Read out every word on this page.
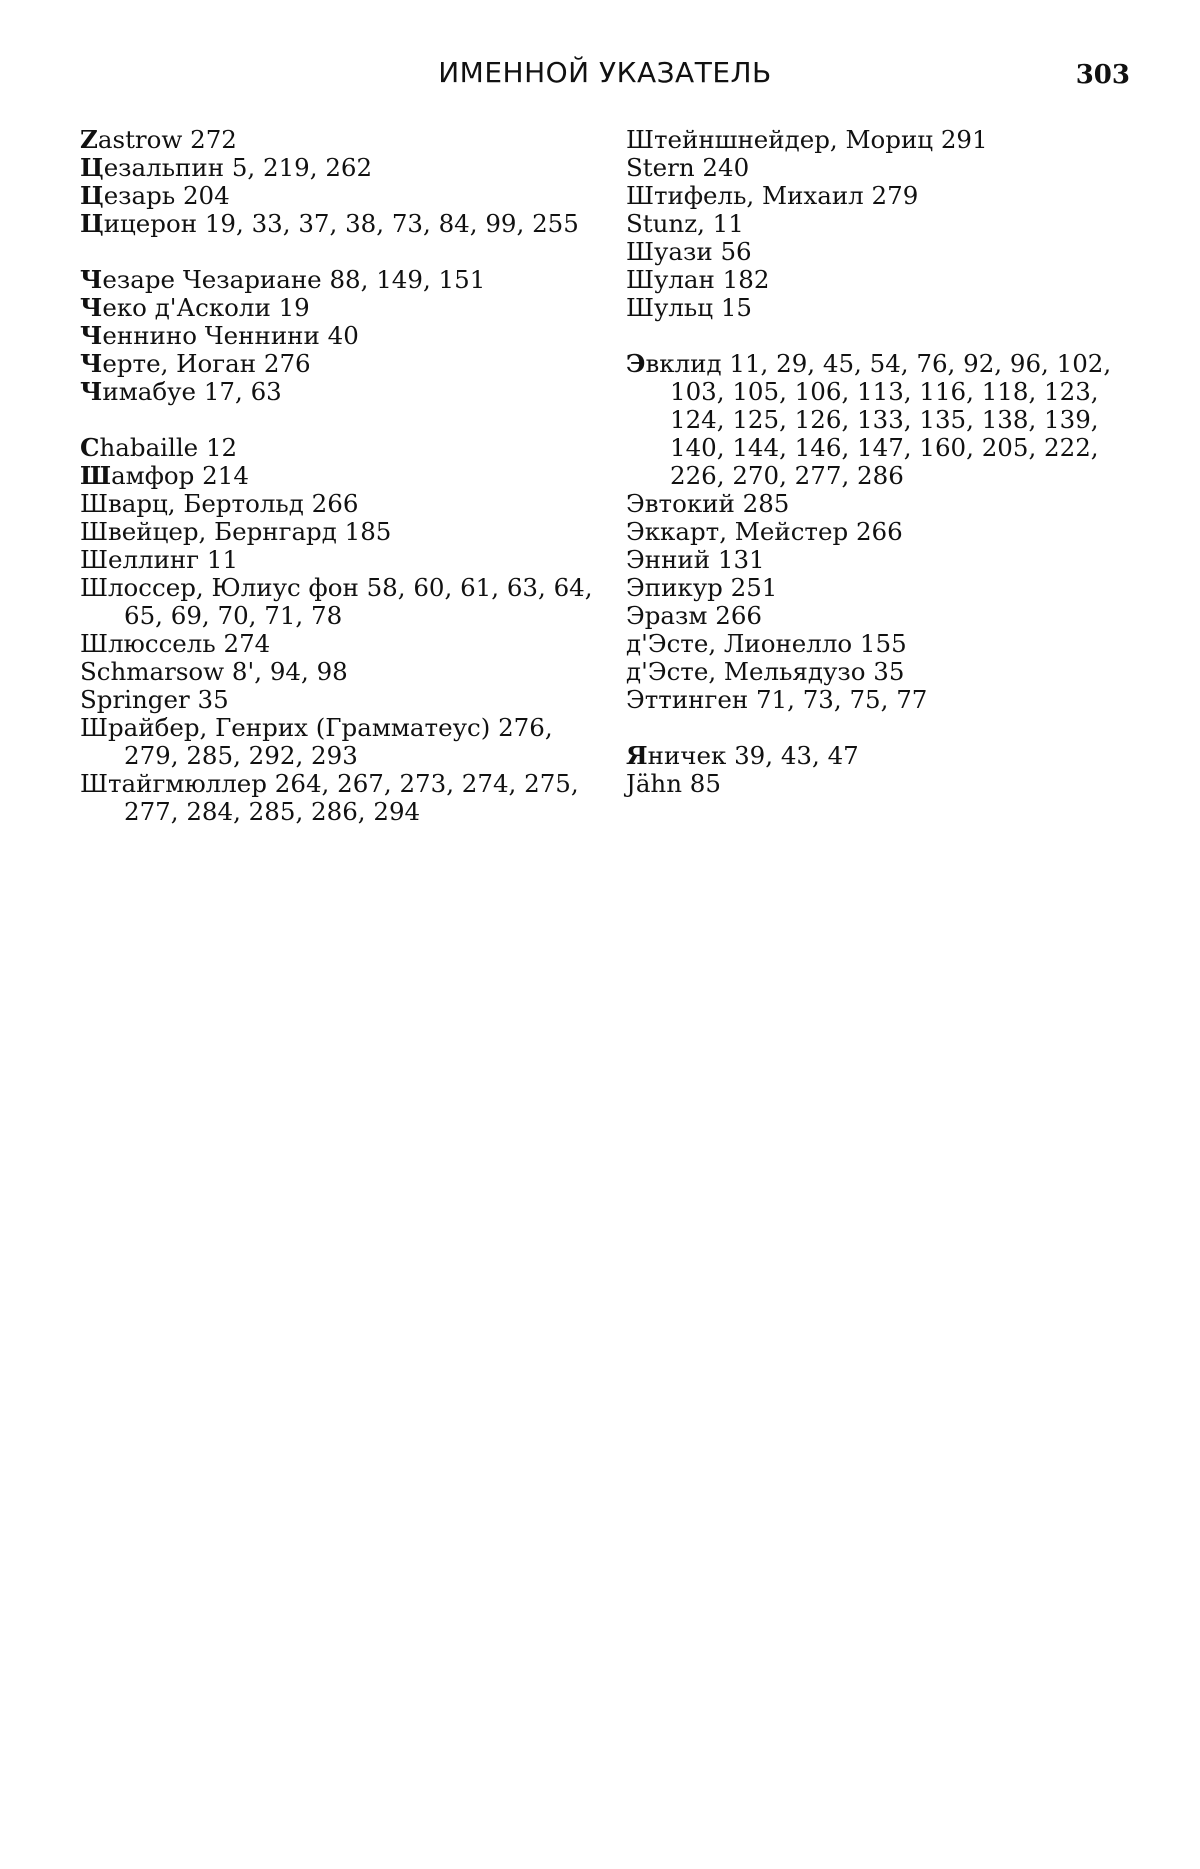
ИМЕННОЙ УКАЗАТЕЛЬ	303

Zastrow 272

Цезальпин 5, 219, 262

Цезарь 204

Цицерон 19, 33, 37, 38, 73, 84, 99, 255

Чезаре Чезариане 88, 149, 151

Чеко д'Асколи 19

Ченнино Ченнини 40

Черте, Иоган 276

Чимабуе 17, 63

Chabaille 12

Шамфор 214

Шварц, Бертольд 266

Швейцер, Бернгард 185

Шеллинг 11

Шлоссер, Юлиус фон 58, 60, 61, 63, 64, 65, 69, 70, 71, 78

Шлюссель 274

Schmarsow 8', 94, 98

Springer 35

Шрайбер, Генрих (Грамматеус) 276, 279, 285, 292, 293

Штайгмюллер 264, 267, 273, 274, 275, 277, 284, 285, 286, 294

Штейншнейдер, Мориц 291

Stern 240

Штифель, Михаил 279

Stunz, 11

Шуази 56

Шулан 182

Шульц 15

Эвклид 11, 29, 45, 54, 76, 92, 96, 102, 103, 105, 106, 113, 116, 118, 123, 124, 125, 126, 133, 135, 138, 139, 140, 144, 146, 147, 160, 205, 222, 226, 270, 277, 286

Эвтокий 285

Эккарт, Мейстер 266

Энний 131

Эпикур 251

Эразм 266

д'Эсте, Лионелло 155

д'Эсте, Мельядузо 35

Эттинген 71, 73, 75, 77

Яничек 39, 43, 47

Jähn 85
